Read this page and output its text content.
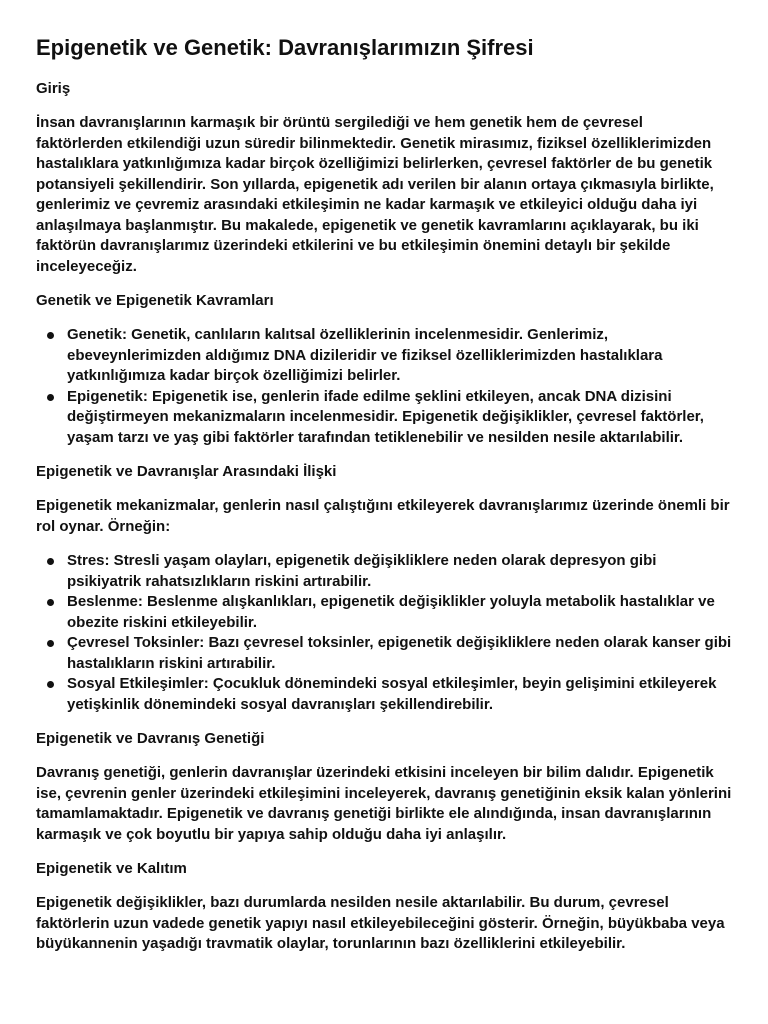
Epigenetik ve Genetik: Davranışlarımızın Şifresi
Giriş
İnsan davranışlarının karmaşık bir örüntü sergilediği ve hem genetik hem de çevresel faktörlerden etkilendiği uzun süredir bilinmektedir. Genetik mirasımız, fiziksel özelliklerimizden hastalıklara yatkınlığımıza kadar birçok özelliğimizi belirlerken, çevresel faktörler de bu genetik potansiyeli şekillendirir. Son yıllarda, epigenetik adı verilen bir alanın ortaya çıkmasıyla birlikte, genlerimiz ve çevremiz arasındaki etkileşimin ne kadar karmaşık ve etkileyici olduğu daha iyi anlaşılmaya başlanmıştır. Bu makalede, epigenetik ve genetik kavramlarını açıklayarak, bu iki faktörün davranışlarımız üzerindeki etkilerini ve bu etkileşimin önemini detaylı bir şekilde inceleyeceğiz.
Genetik ve Epigenetik Kavramları
Genetik: Genetik, canlıların kalıtsal özelliklerinin incelenmesidir. Genlerimiz, ebeveynlerimizden aldığımız DNA dizileridir ve fiziksel özelliklerimizden hastalıklara yatkınlığımıza kadar birçok özelliğimizi belirler.
Epigenetik: Epigenetik ise, genlerin ifade edilme şeklini etkileyen, ancak DNA dizisini değiştirmeyen mekanizmaların incelenmesidir. Epigenetik değişiklikler, çevresel faktörler, yaşam tarzı ve yaş gibi faktörler tarafından tetiklenebilir ve nesilden nesile aktarılabilir.
Epigenetik ve Davranışlar Arasındaki İlişki
Epigenetik mekanizmalar, genlerin nasıl çalıştığını etkileyerek davranışlarımız üzerinde önemli bir rol oynar. Örneğin:
Stres: Stresli yaşam olayları, epigenetik değişikliklere neden olarak depresyon gibi psikiyatrik rahatsızlıkların riskini artırabilir.
Beslenme: Beslenme alışkanlıkları, epigenetik değişiklikler yoluyla metabolik hastalıklar ve obezite riskini etkileyebilir.
Çevresel Toksinler: Bazı çevresel toksinler, epigenetik değişikliklere neden olarak kanser gibi hastalıkların riskini artırabilir.
Sosyal Etkileşimler: Çocukluk dönemindeki sosyal etkileşimler, beyin gelişimini etkileyerek yetişkinlik dönemindeki sosyal davranışları şekillendirebilir.
Epigenetik ve Davranış Genetiği
Davranış genetiği, genlerin davranışlar üzerindeki etkisini inceleyen bir bilim dalıdır. Epigenetik ise, çevrenin genler üzerindeki etkileşimini inceleyerek, davranış genetiğinin eksik kalan yönlerini tamamlamaktadır. Epigenetik ve davranış genetiği birlikte ele alındığında, insan davranışlarının karmaşık ve çok boyutlu bir yapıya sahip olduğu daha iyi anlaşılır.
Epigenetik ve Kalıtım
Epigenetik değişiklikler, bazı durumlarda nesilden nesile aktarılabilir. Bu durum, çevresel faktörlerin uzun vadede genetik yapıyı nasıl etkileyebileceğini gösterir. Örneğin, büyükbaba veya büyükannenin yaşadığı travmatik olaylar, torunlarının bazı özelliklerini etkileyebilir.
